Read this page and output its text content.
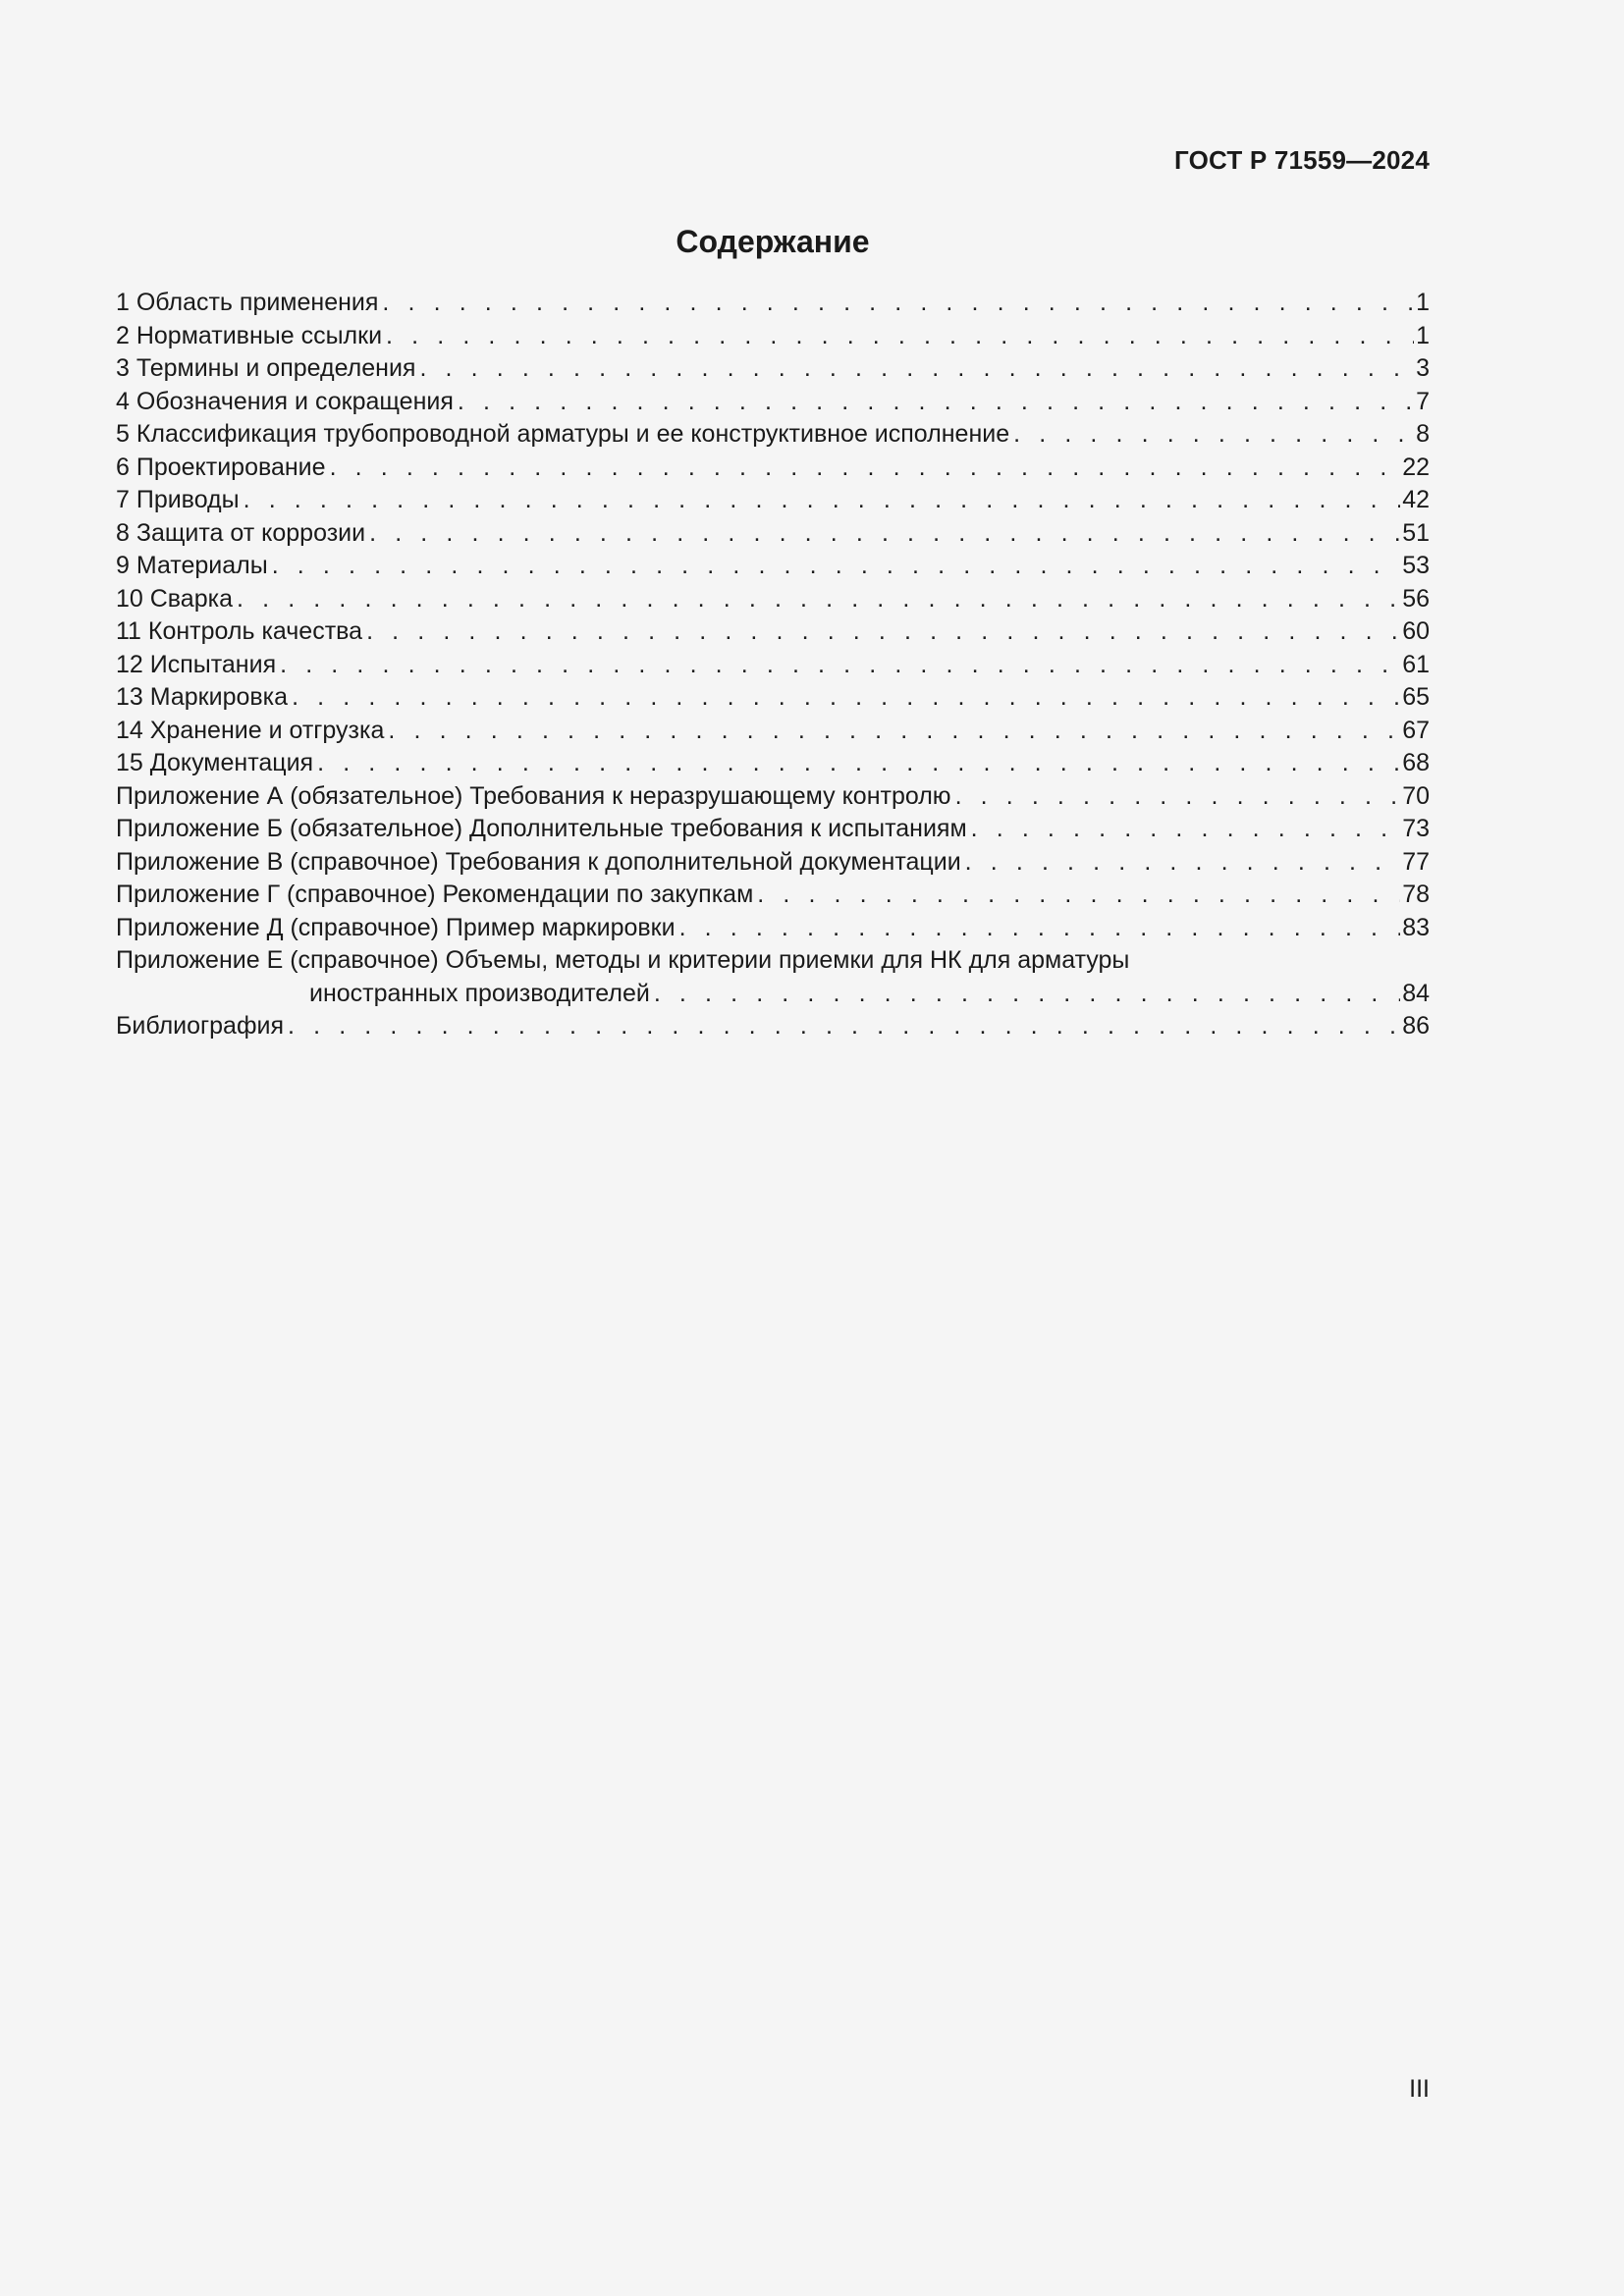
ГОСТ Р 71559—2024
Содержание
1 Область применения . . .	1
2 Нормативные ссылки . . .	1
3 Термины и определения . . .	3
4 Обозначения и сокращения . . .	7
5 Классификация трубопроводной арматуры и ее конструктивное исполнение . . .	8
6 Проектирование . . .	22
7 Приводы . . .	42
8 Защита от коррозии . . .	51
9 Материалы . . .	53
10 Сварка . . .	56
11 Контроль качества . . .	60
12 Испытания . . .	61
13 Маркировка . . .	65
14 Хранение и отгрузка . . .	67
15 Документация . . .	68
Приложение А (обязательное) Требования к неразрушающему контролю . . .	70
Приложение Б (обязательное) Дополнительные требования к испытаниям . . .	73
Приложение В (справочное) Требования к дополнительной документации . . .	77
Приложение Г (справочное) Рекомендации по закупкам . . .	78
Приложение Д (справочное) Пример маркировки . . .	83
Приложение Е (справочное) Объемы, методы и критерии приемки для НК для арматуры
иностранных производителей . . .	84
Библиография . . .	86
III
